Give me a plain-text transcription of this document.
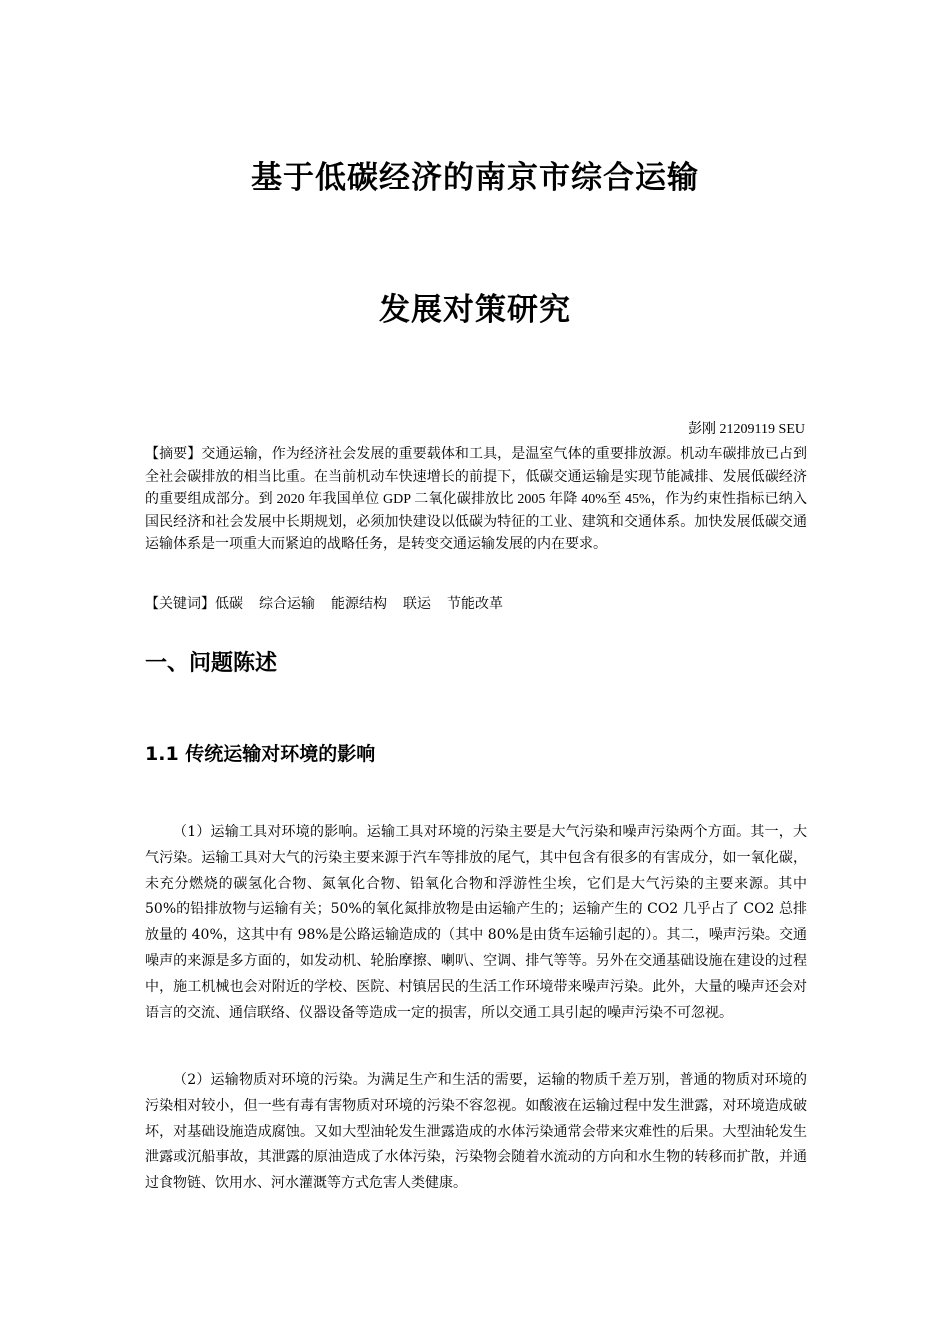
基于低碳经济的南京市综合运输
发展对策研究
彭刚 21209119 SEU

【摘要】交通运输，作为经济社会发展的重要载体和工具，是温室气体的重要排放源。机动车碳排放已占到全社会碳排放的相当比重。在当前机动车快速增长的前提下，低碳交通运输是实现节能减排、发展低碳经济的重要组成部分。到 2020 年我国单位 GDP 二氧化碳排放比 2005 年降 40%至 45%，作为约束性指标已纳入国民经济和社会发展中长期规划，必须加快建设以低碳为特征的工业、建筑和交通体系。加快发展低碳交通运输体系是一项重大而紧迫的战略任务，是转变交通运输发展的内在要求。

【关键词】低碳 综合运输 能源结构 联运 节能改革
一、问题陈述
1.1 传统运输对环境的影响

（1）运输工具对环境的影响。运输工具对环境的污染主要是大气污染和噪声污染两个方面。其一，大气污染。运输工具对大气的污染主要来源于汽车等排放的尾气，其中包含有很多的有害成分，如一氧化碳，未充分燃烧的碳氢化合物、氮氧化合物、铅氧化合物和浮游性尘埃，它们是大气污染的主要来源。其中 50%的铅排放物与运输有关；50%的氧化氮排放物是由运输产生的；运输产生的 CO2 几乎占了 CO2 总排放量的 40%，这其中有 98%是公路运输造成的（其中 80%是由货车运输引起的）。其二，噪声污染。交通噪声的来源是多方面的，如发动机、轮胎摩擦、喇叭、空调、排气等等。另外在交通基础设施在建设的过程中，施工机械也会对附近的学校、医院、村镇居民的生活工作环境带来噪声污染。此外，大量的噪声还会对语言的交流、通信联络、仪器设备等造成一定的损害，所以交通工具引起的噪声污染不可忽视。

（2）运输物质对环境的污染。为满足生产和生活的需要，运输的物质千差万别，普通的物质对环境的污染相对较小，但一些有毒有害物质对环境的污染不容忽视。如酸液在运输过程中发生泄露，对环境造成破坏，对基础设施造成腐蚀。又如大型油轮发生泄露造成的水体污染通常会带来灾难性的后果。大型油轮发生泄露或沉船事故，其泄露的原油造成了水体污染，污染物会随着水流动的方向和水生物的转移而扩散，并通过食物链、饮用水、河水灌溉等方式危害人类健康。
